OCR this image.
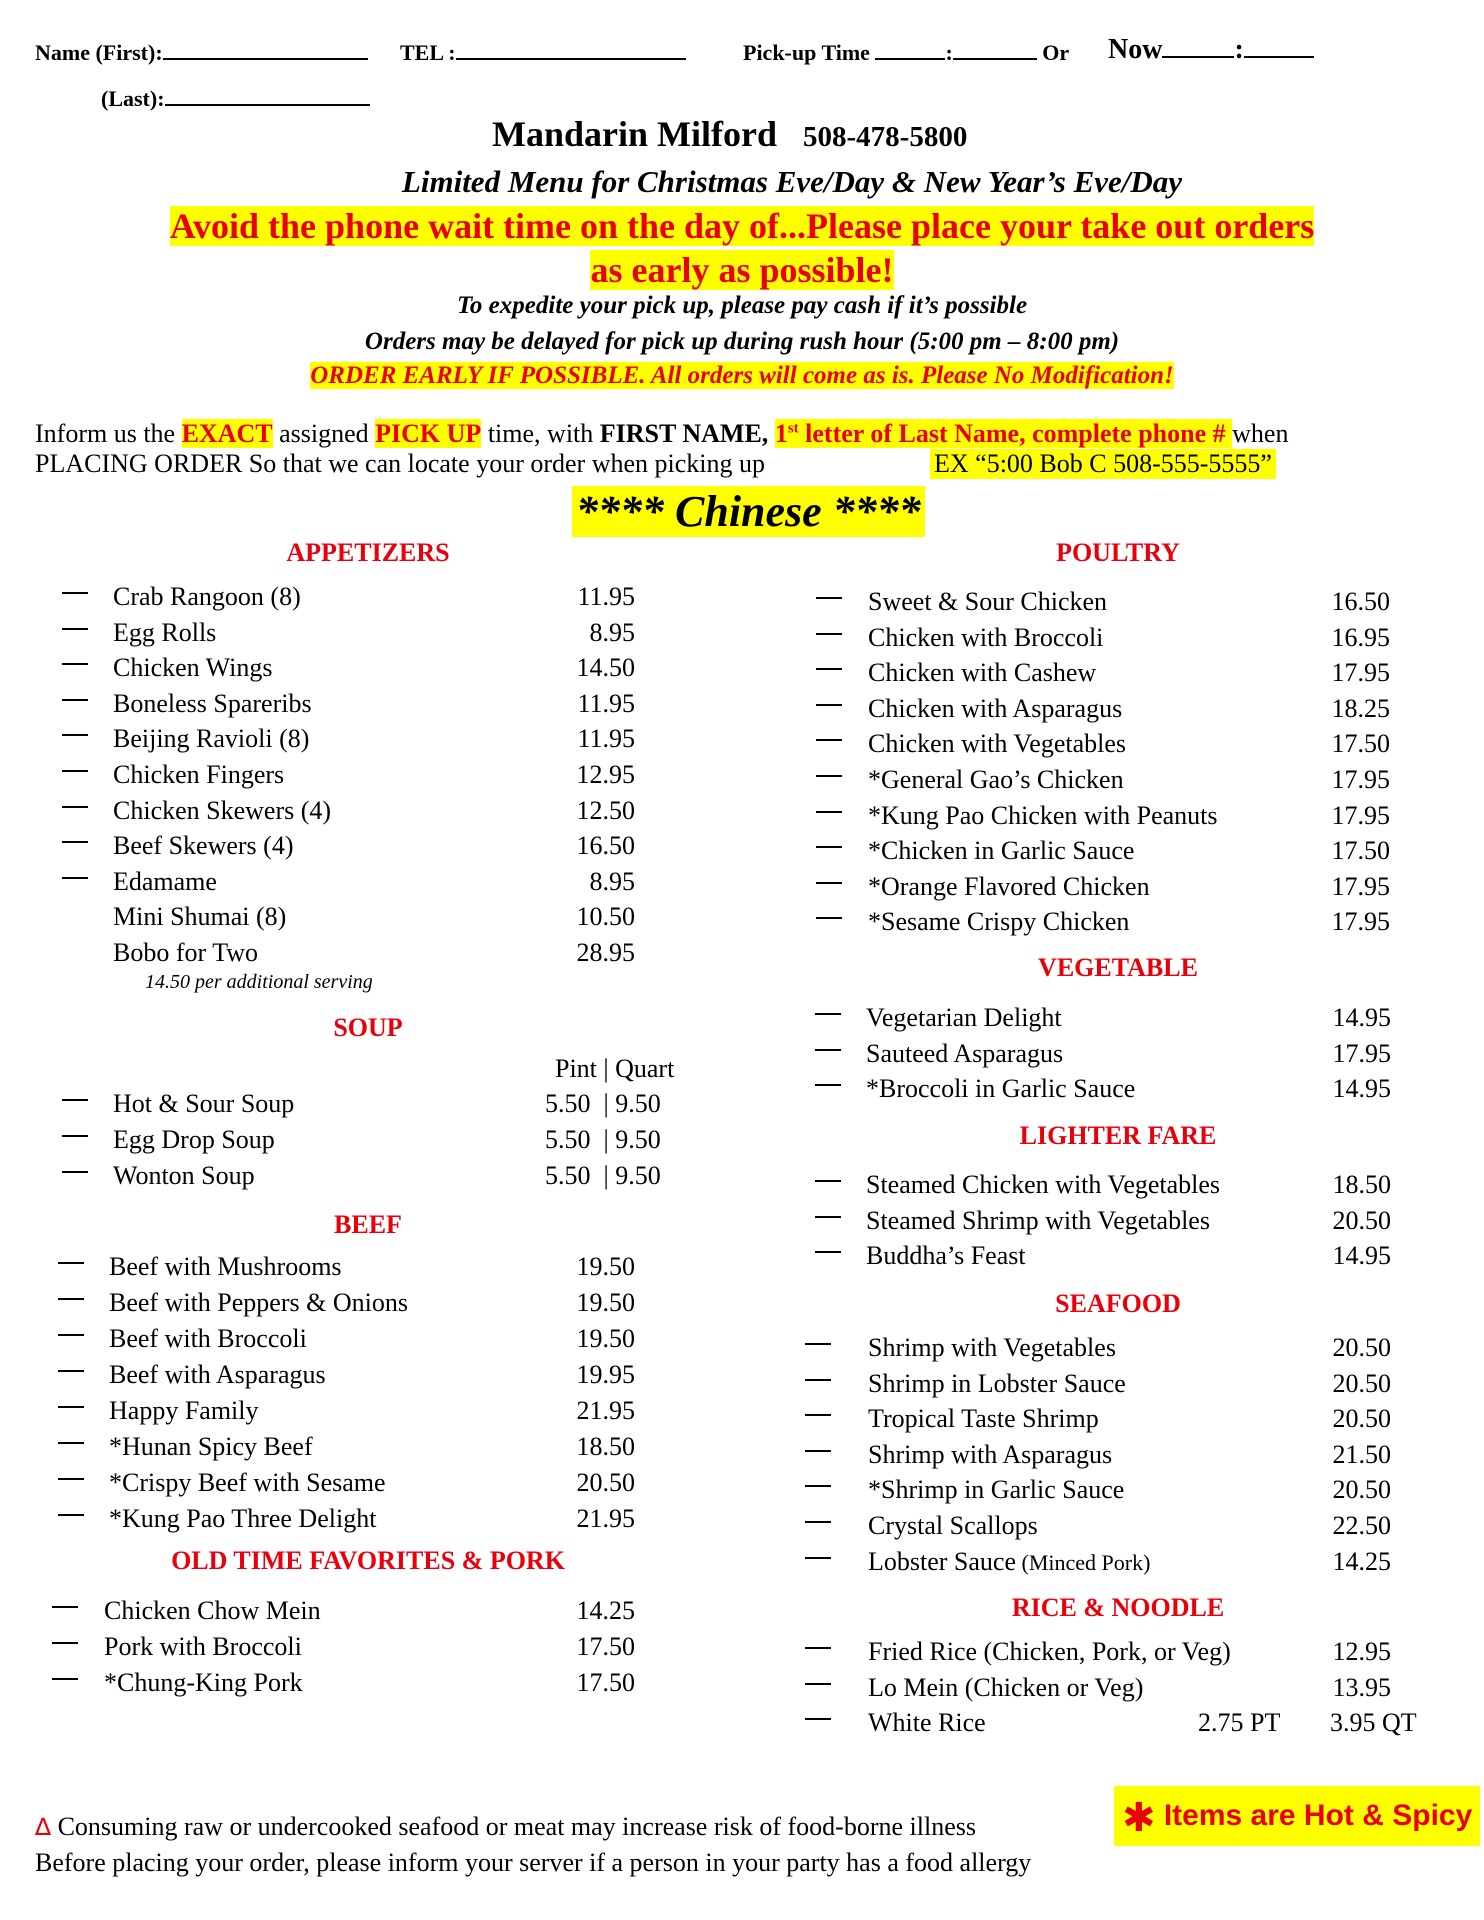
Name (First):	TEL :	Pick-up Time	:	Or Now	:
(Last):
Mandarin Milford 508-478-5800
Limited Menu for Christmas Eve/Day & New Year’s Eve/Day
Avoid the phone wait time on the day of...Please place your take out orders
as early as possible!
To expedite your pick up, please pay cash if it’s possible
Orders may be delayed for pick up during rush hour (5:00 pm – 8:00 pm)
ORDER EARLY IF POSSIBLE. All orders will come as is. Please No Modification!
Inform us the EXACT assigned PICK UP time, with FIRST NAME, 1st letter of Last Name, complete phone # when
PLACING ORDER So that we can locate your order when picking up	EX “5:00 Bob C 508-555-5555”
**** Chinese ****
APPETIZERS
Crab Rangoon (8)	11.95
Egg Rolls	8.95
Chicken Wings	14.50
Boneless Spareribs	11.95
Beijing Ravioli (8)	11.95
Chicken Fingers	12.95
Chicken Skewers (4)	12.50
Beef Skewers (4)	16.50
Edamame	8.95
Mini Shumai (8)	10.50
Bobo for Two	28.95
14.50 per additional serving
SOUP
Pint | Quart
Hot & Sour Soup	5.50  | 9.50
Egg Drop Soup	5.50  | 9.50
Wonton Soup	5.50  | 9.50
BEEF
Beef with Mushrooms	19.50
Beef with Peppers & Onions	19.50
Beef with Broccoli	19.50
Beef with Asparagus	19.95
Happy Family	21.95
*Hunan Spicy Beef	18.50
*Crispy Beef with Sesame	20.50
*Kung Pao Three Delight	21.95
OLD TIME FAVORITES & PORK
Chicken Chow Mein	14.25
Pork with Broccoli	17.50
*Chung-King Pork	17.50
POULTRY
Sweet & Sour Chicken	16.50
Chicken with Broccoli	16.95
Chicken with Cashew	17.95
Chicken with Asparagus	18.25
Chicken with Vegetables	17.50
*General Gao’s Chicken	17.95
*Kung Pao Chicken with Peanuts	17.95
*Chicken in Garlic Sauce	17.50
*Orange Flavored Chicken	17.95
*Sesame Crispy Chicken	17.95
VEGETABLE
Vegetarian Delight	14.95
Sauteed Asparagus	17.95
*Broccoli in Garlic Sauce	14.95
LIGHTER FARE
Steamed Chicken with Vegetables	18.50
Steamed Shrimp with Vegetables	20.50
Buddha’s Feast	14.95
SEAFOOD
Shrimp with Vegetables	20.50
Shrimp in Lobster Sauce	20.50
Tropical Taste Shrimp	20.50
Shrimp with Asparagus	21.50
*Shrimp in Garlic Sauce	20.50
Crystal Scallops	22.50
Lobster Sauce (Minced Pork)	14.25
RICE & NOODLE
Fried Rice (Chicken, Pork, or Veg)	12.95
Lo Mein (Chicken or Veg)	13.95
White Rice	2.75 PT 3.95 QT
∆ Consuming raw or undercooked seafood or meat may increase risk of food-borne illness
Before placing your order, please inform your server if a person in your party has a food allergy
✱ Items are Hot & Spicy
